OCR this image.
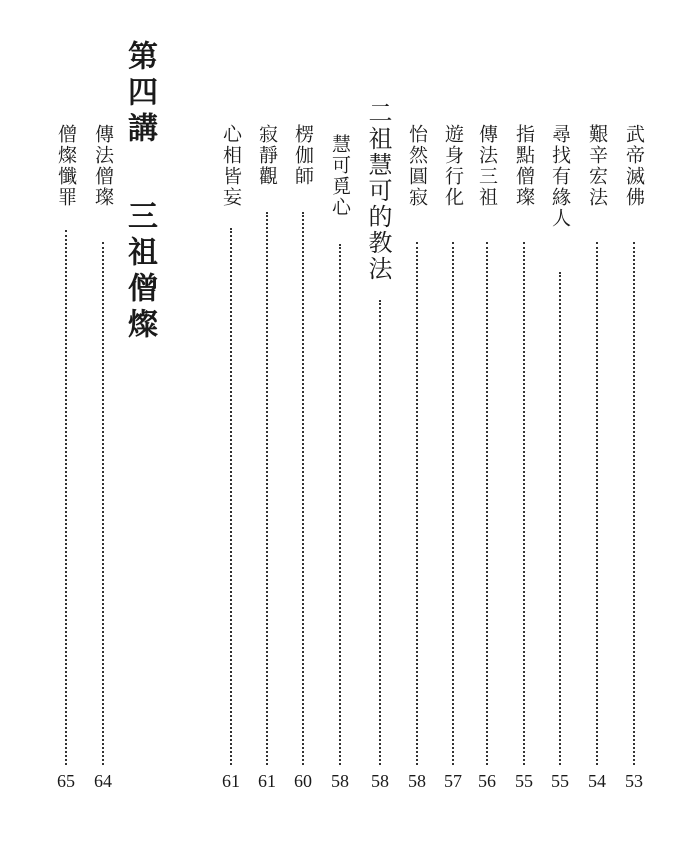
武帝滅佛
53
艱辛宏法
54
尋找有緣人
55
指點僧璨
55
傳法三祖
56
遊身行化
57
怡然圓寂
58
二祖慧可的教法
58
慧可覓心
58
楞伽師
60
寂靜觀
61
心相皆妄
61
第四講
三祖僧燦
傳法僧璨
64
僧燦懺罪
65
